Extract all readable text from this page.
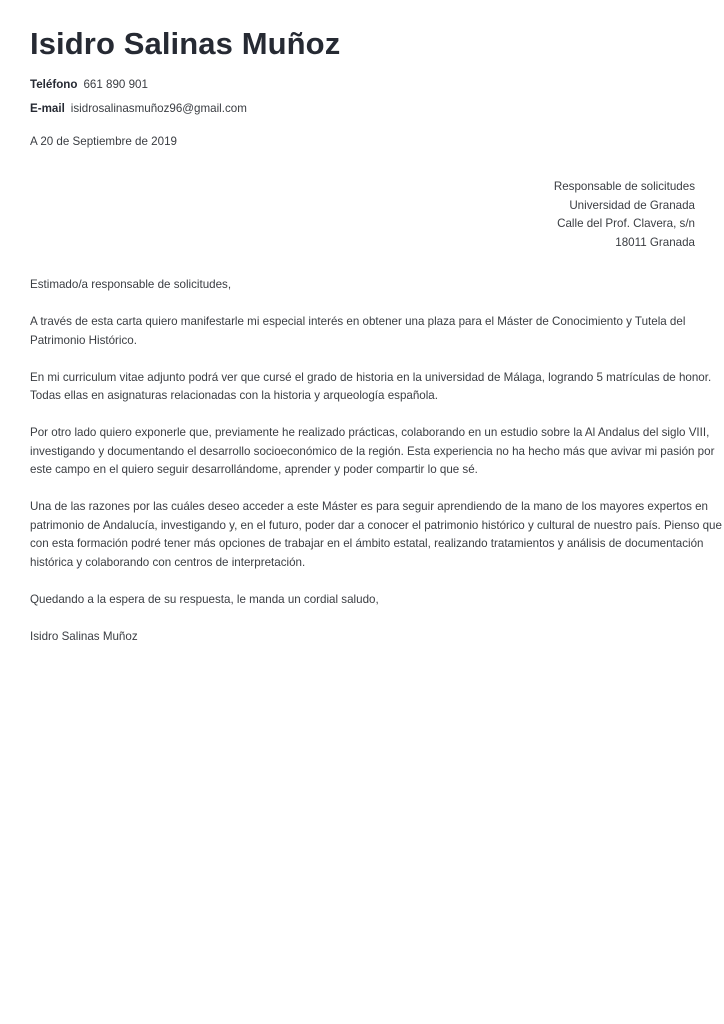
Isidro Salinas Muñoz
Teléfono 661 890 901
E-mail isidrosalinasmuñoz96@gmail.com
A 20 de Septiembre de 2019
Responsable de solicitudes
Universidad de Granada
Calle del Prof. Clavera, s/n
18011 Granada

Estimado/a responsable de solicitudes,

A través de esta carta quiero manifestarle mi especial interés en obtener una plaza para el Máster de Conocimiento y Tutela del
Patrimonio Histórico.

En mi curriculum vitae adjunto podrá ver que cursé el grado de historia en la universidad de Málaga, logrando 5 matrículas de honor.
Todas ellas en asignaturas relacionadas con la historia y arqueología española.

Por otro lado quiero exponerle que, previamente he realizado prácticas, colaborando en un estudio sobre la Al Andalus del siglo VIII,
investigando y documentando el desarrollo socioeconómico de la región. Esta experiencia no ha hecho más que avivar mi pasión por
este campo en el quiero seguir desarrollándome, aprender y poder compartir lo que sé.

Una de las razones por las cuáles deseo acceder a este Máster es para seguir aprendiendo de la mano de los mayores expertos en
patrimonio de Andalucía, investigando y, en el futuro, poder dar a conocer el patrimonio histórico y cultural de nuestro país. Pienso que
con esta formación podré tener más opciones de trabajar en el ámbito estatal, realizando tratamientos y análisis de documentación
histórica y colaborando con centros de interpretación.

Quedando a la espera de su respuesta, le manda un cordial saludo,

Isidro Salinas Muñoz
